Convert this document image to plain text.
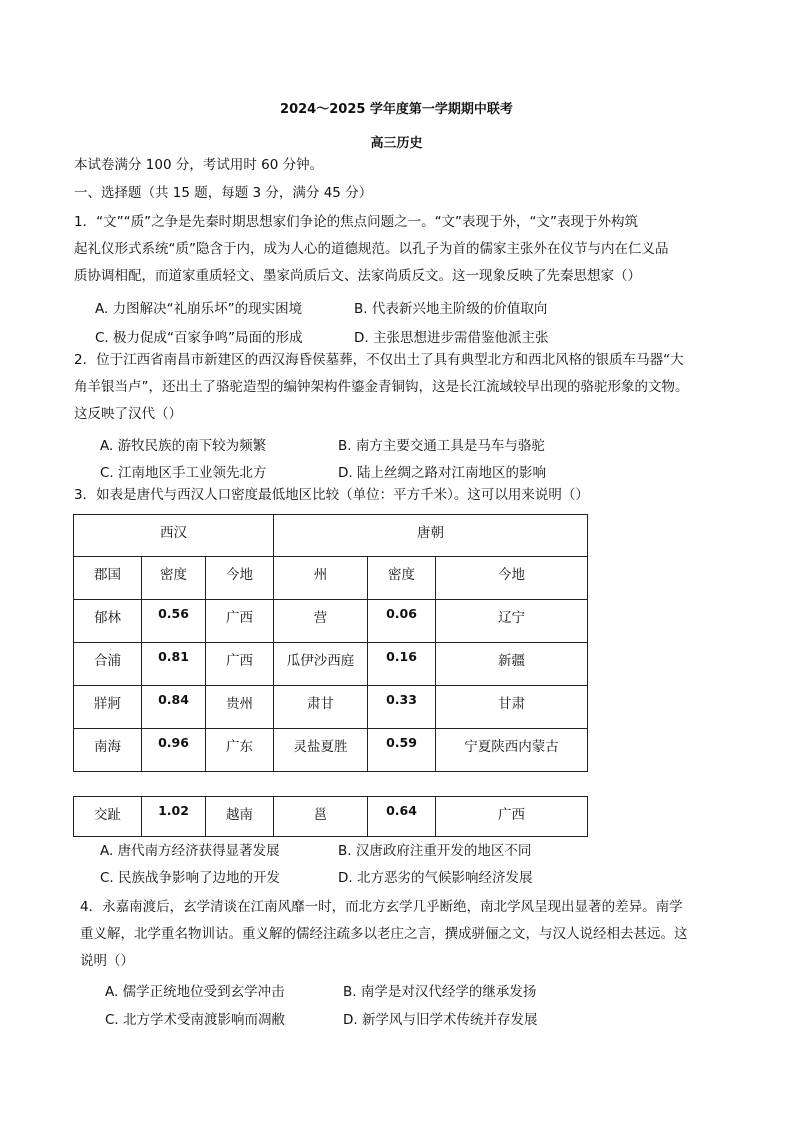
2024～2025 学年度第一学期期中联考
高三历史
本试卷满分 100 分，考试用时 60 分钟。
一、选择题（共 15 题，每题 3 分，满分 45 分）
1．“文”“质”之争是先秦时期思想家们争论的焦点问题之一。“文”表现于外，“文”表现于外构筑
起礼仪形式系统“质”隐含于内，成为人心的道德规范。以孔子为首的儒家主张外在仪节与内在仁义品
质协调相配，而道家重质轻文、墨家尚质后文、法家尚质反文。这一现象反映了先秦思想家（）
A. 力图解决“礼崩乐坏”的现实困境	B. 代表新兴地主阶级的价值取向
C. 极力促成“百家争鸣”局面的形成	D. 主张思想进步需借鉴他派主张
2．位于江西省南昌市新建区的西汉海昏侯墓葬，不仅出土了具有典型北方和西北风格的银质车马器“大
角羊银当卢”，还出土了骆驼造型的编钟架构件鎏金青铜钩，这是长江流域较早出现的骆驼形象的文物。
这反映了汉代（）
A. 游牧民族的南下较为频繁	B. 南方主要交通工具是马车与骆驼
C. 江南地区手工业领先北方	D. 陆上丝绸之路对江南地区的影响
3．如表是唐代与西汉人口密度最低地区比较（单位：平方千米）。这可以用来说明（）
西汉			唐朝		
郡国	密度	今地	州	密度	今地
郁林	0.56	广西	营	0.06	辽宁
合浦	0.81	广西	瓜伊沙西庭	0.16	新疆
牂牁	0.84	贵州	肃甘	0.33	甘肃
南海	0.96	广东	灵盐夏胜	0.59	宁夏陕西内蒙古
交趾	1.02	越南	邕	0.64	广西
A. 唐代南方经济获得显著发展	B. 汉唐政府注重开发的地区不同
C. 民族战争影响了边地的开发	D. 北方恶劣的气候影响经济发展
4．永嘉南渡后，玄学清谈在江南风靡一时，而北方玄学几乎断绝，南北学风呈现出显著的差异。南学
重义解，北学重名物训诂。重义解的儒经注疏多以老庄之言，撰成骈俪之文，与汉人说经相去甚远。这
说明（）
A. 儒学正统地位受到玄学冲击	B. 南学是对汉代经学的继承发扬
C. 北方学术受南渡影响而凋敝	D. 新学风与旧学术传统并存发展
